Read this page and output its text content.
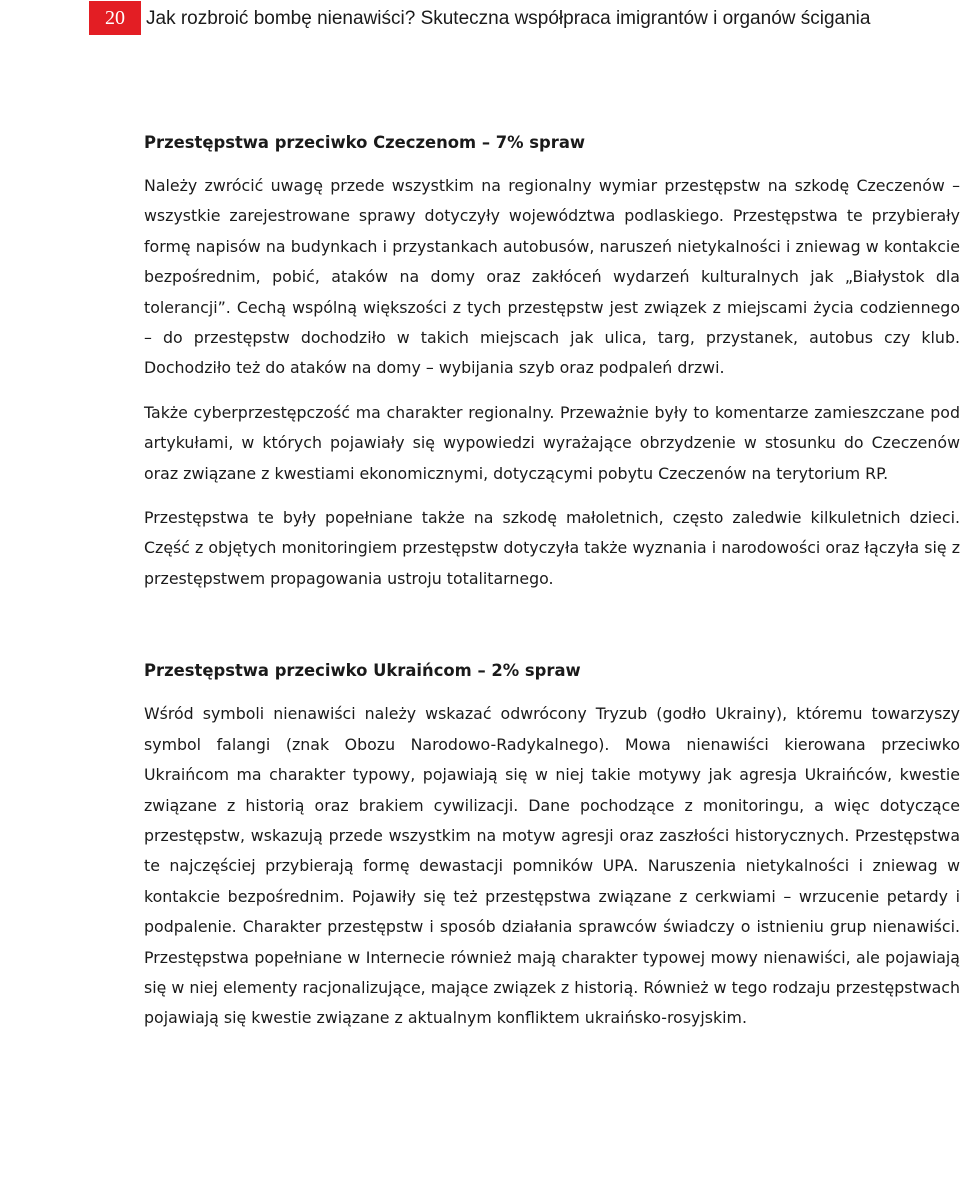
20	Jak rozbroić bombę nienawiści? Skuteczna współpraca imigrantów i organów ścigania
Przestępstwa przeciwko Czeczenom – 7% spraw

Należy zwrócić uwagę przede wszystkim na regionalny wymiar przestępstw na szkodę Czeczenów – wszystkie zarejestrowane sprawy dotyczyły województwa podlaskiego. Przestępstwa te przybierały formę napisów na budynkach i przystankach autobusów, naruszeń nietykalności i zniewag w kontakcie bezpośrednim, pobić, ataków na domy oraz zakłóceń wydarzeń kulturalnych jak „Białystok dla tolerancji”. Cechą wspólną większości z tych przestępstw jest związek z miejscami życia codziennego – do przestępstw dochodziło w takich miejscach jak ulica, targ, przystanek, autobus czy klub. Dochodziło też do ataków na domy – wybijania szyb oraz podpaleń drzwi.

Także cyberprzestępczość ma charakter regionalny. Przeważnie były to komentarze zamieszczane pod artykułami, w których pojawiały się wypowiedzi wyrażające obrzydzenie w stosunku do Czeczenów oraz związane z kwestiami ekonomicznymi, dotyczącymi pobytu Czeczenów na terytorium RP.

Przestępstwa te były popełniane także na szkodę małoletnich, często zaledwie kilkuletnich dzieci. Część z objętych monitoringiem przestępstw dotyczyła także wyznania i narodowości oraz łączyła się z przestępstwem propagowania ustroju totalitarnego.

Przestępstwa przeciwko Ukraińcom – 2% spraw

Wśród symboli nienawiści należy wskazać odwrócony Tryzub (godło Ukrainy), któremu towarzyszy symbol falangi (znak Obozu Narodowo-Radykalnego). Mowa nienawiści kierowana przeciwko Ukraińcom ma charakter typowy, pojawiają się w niej takie motywy jak agresja Ukraińców, kwestie związane z historią oraz brakiem cywilizacji. Dane pochodzące z monitoringu, a więc dotyczące przestępstw, wskazują przede wszystkim na motyw agresji oraz zaszłości historycznych. Przestępstwa te najczęściej przybierają formę dewastacji pomników UPA. Naruszenia nietykalności i zniewag w kontakcie bezpośrednim. Pojawiły się też przestępstwa związane z cerkwiami – wrzucenie petardy i podpalenie. Charakter przestępstw i sposób działania sprawców świadczy o istnieniu grup nienawiści. Przestępstwa popełniane w Internecie również mają charakter typowej mowy nienawiści, ale pojawiają się w niej elementy racjonalizujące, mające związek z historią. Również w tego rodzaju przestępstwach pojawiają się kwestie związane z aktualnym konfliktem ukraińsko-rosyjskim.
